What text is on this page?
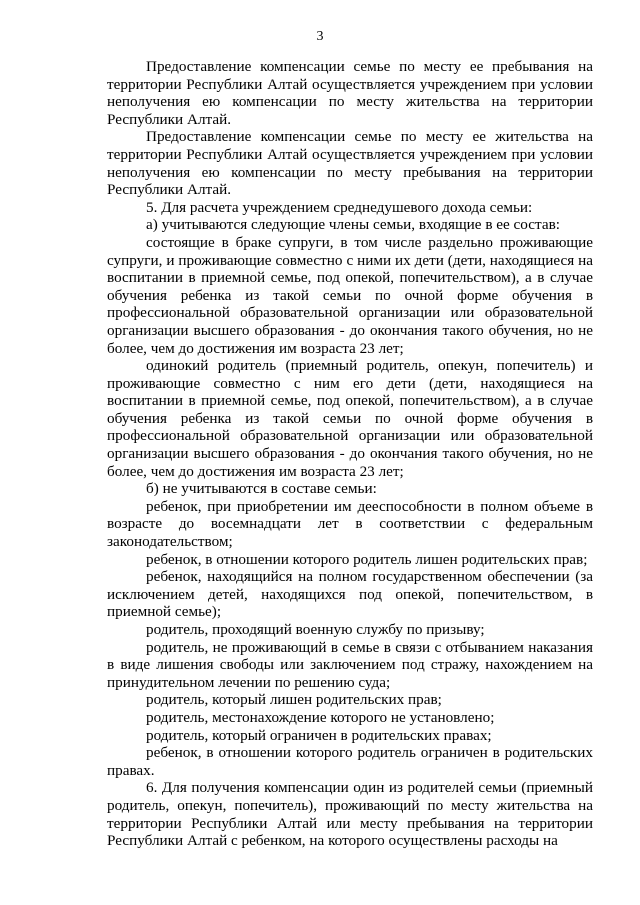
3

Предоставление компенсации семье по месту ее пребывания на территории Республики Алтай осуществляется учреждением при условии неполучения ею компенсации по месту жительства на территории Республики Алтай.

Предоставление компенсации семье по месту ее жительства на территории Республики Алтай осуществляется учреждением при условии неполучения ею компенсации по месту пребывания на территории Республики Алтай.

5. Для расчета учреждением среднедушевого дохода семьи:

а) учитываются следующие члены семьи, входящие в ее состав:

состоящие в браке супруги, в том числе раздельно проживающие супруги, и проживающие совместно с ними их дети (дети, находящиеся на воспитании в приемной семье, под опекой, попечительством), а в случае обучения ребенка из такой семьи по очной форме обучения в профессиональной образовательной организации или образовательной организации высшего образования - до окончания такого обучения, но не более, чем до достижения им возраста 23 лет;

одинокий родитель (приемный родитель, опекун, попечитель) и проживающие совместно с ним его дети (дети, находящиеся на воспитании в приемной семье, под опекой, попечительством), а в случае обучения ребенка из такой семьи по очной форме обучения в профессиональной образовательной организации или образовательной организации высшего образования - до окончания такого обучения, но не более, чем до достижения им возраста 23 лет;

б) не учитываются в составе семьи:

ребенок, при приобретении им дееспособности в полном объеме в возрасте до восемнадцати лет в соответствии с федеральным законодательством;

ребенок, в отношении которого родитель лишен родительских прав;

ребенок, находящийся на полном государственном обеспечении (за исключением детей, находящихся под опекой, попечительством, в приемной семье);

родитель, проходящий военную службу по призыву;

родитель, не проживающий в семье в связи с отбыванием наказания в виде лишения свободы или заключением под стражу, нахождением на принудительном лечении по решению суда;

родитель, который лишен родительских прав;

родитель, местонахождение которого не установлено;

родитель, который ограничен в родительских правах;

ребенок, в отношении которого родитель ограничен в родительских правах.

6. Для получения компенсации один из родителей семьи (приемный родитель, опекун, попечитель), проживающий по месту жительства на территории Республики Алтай или месту пребывания на территории Республики Алтай с ребенком, на которого осуществлены расходы на
